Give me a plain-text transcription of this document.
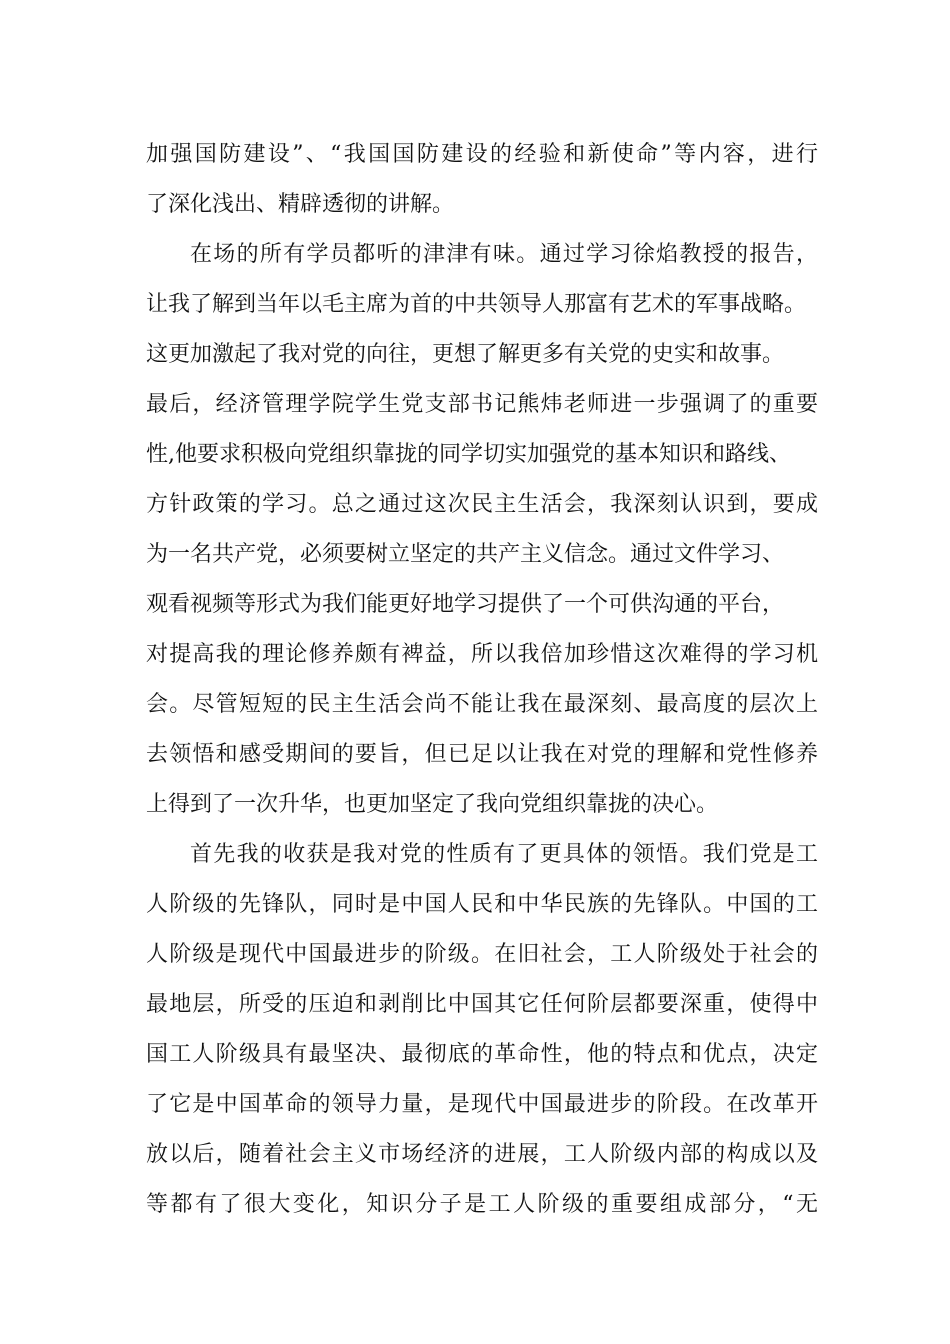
加强国防建设”、“我国国防建设的经验和新使命”等内容，进行
了深化浅出、精辟透彻的讲解。
在场的所有学员都听的津津有味。通过学习徐焰教授的报告，
让我了解到当年以毛主席为首的中共领导人那富有艺术的军事战略。
这更加激起了我对党的向往，更想了解更多有关党的史实和故事。
最后，经济管理学院学生党支部书记熊炜老师进一步强调了的重要
性,他要求积极向党组织靠拢的同学切实加强党的基本知识和路线、
方针政策的学习。总之通过这次民主生活会，我深刻认识到，要成
为一名共产党，必须要树立坚定的共产主义信念。通过文件学习、
观看视频等形式为我们能更好地学习提供了一个可供沟通的平台，
对提高我的理论修养颇有裨益，所以我倍加珍惜这次难得的学习机
会。尽管短短的民主生活会尚不能让我在最深刻、最高度的层次上
去领悟和感受期间的要旨，但已足以让我在对党的理解和党性修养
上得到了一次升华，也更加坚定了我向党组织靠拢的决心。
首先我的收获是我对党的性质有了更具体的领悟。我们党是工
人阶级的先锋队，同时是中国人民和中华民族的先锋队。中国的工
人阶级是现代中国最进步的阶级。在旧社会，工人阶级处于社会的
最地层，所受的压迫和剥削比中国其它任何阶层都要深重，使得中
国工人阶级具有最坚决、最彻底的革命性，他的特点和优点，决定
了它是中国革命的领导力量，是现代中国最进步的阶段。在改革开
放以后，随着社会主义市场经济的进展，工人阶级内部的构成以及
等都有了很大变化，知识分子是工人阶级的重要组成部分，“无
